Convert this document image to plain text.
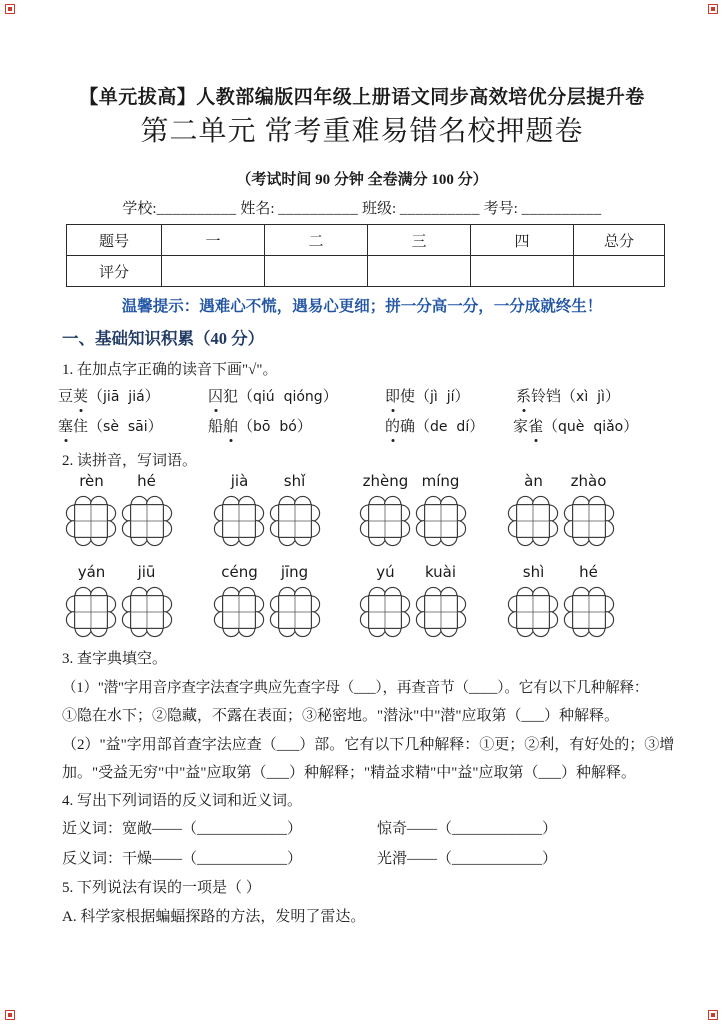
【单元拔高】人教部编版四年级上册语文同步高效培优分层提升卷
第二单元 常考重难易错名校押题卷
（考试时间 90 分钟 全卷满分 100 分）
学校:__________ 姓名: __________ 班级: __________ 考号: __________
题号	一	二	三	四	总分
评分					
温馨提示：遇难心不慌，遇易心更细；拼一分高一分，一分成就终生！
一、基础知识积累（40 分）
1. 在加点字正确的读音下画"√"。
豆荚（jiā  jiá）	囚犯（qiú  qióng）	即使（jì  jí）	系铃铛（xì  jì）
塞住（sè  sāi）	船舶（bō  bó）	的确（de  dí） 家雀（què  qiǎo）
2. 读拼音，写词语。
rèn	hé	jià	shǐ	zhèng míng	àn	zhào
yán	jiū	céng	jīng	yú	kuài	shì	hé
3. 查字典填空。
（1）"潜"字用音序查字法查字典应先查字母（___），再查音节（____）。它有以下几种解释：
①隐在水下；②隐藏，不露在表面；③秘密地。"潜泳"中"潜"应取第（___）种解释。
（2）"益"字用部首查字法应查（___）部。它有以下几种解释：①更；②利，有好处的；③增
加。"受益无穷"中"益"应取第（___）种解释；"精益求精"中"益"应取第（___）种解释。
4. 写出下列词语的反义词和近义词。
近义词：宽敞——（____________）	惊奇——（____________）
反义词：干燥——（____________）	光滑——（____________）
5. 下列说法有误的一项是（ ）
A. 科学家根据蝙蝠探路的方法，发明了雷达。
